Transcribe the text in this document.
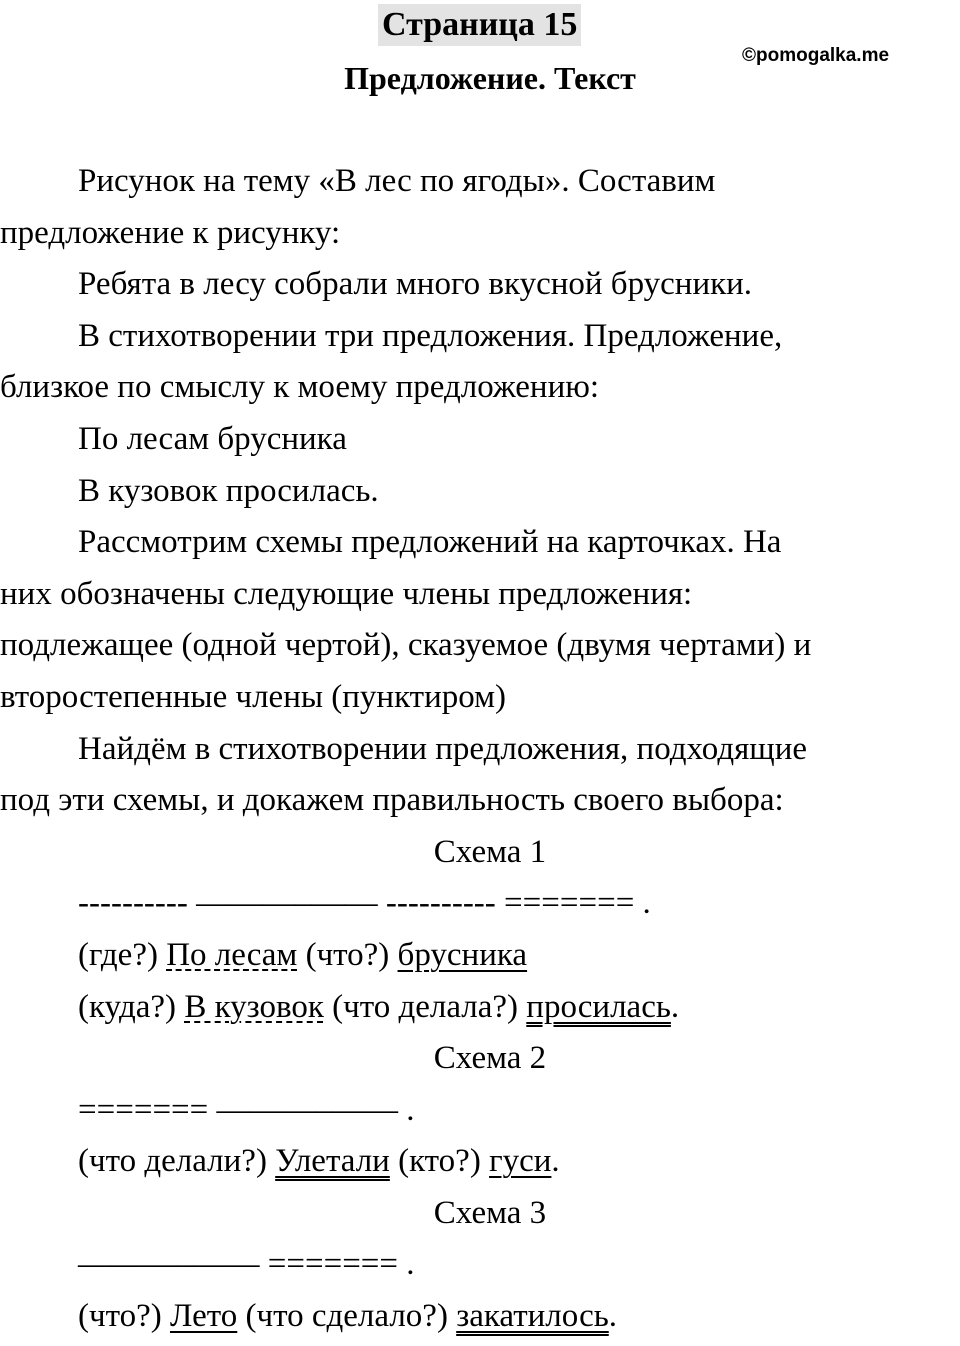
Страница 15
Предложение. Текст
©pomogalka.me

Рисунок на тему «В лес по ягоды». Составим

предложение к рисунку:

Ребята в лесу собрали много вкусной брусники.

В стихотворении три предложения. Предложение,

близкое по смыслу к моему предложению:

По лесам брусника

В кузовок просилась.

Рассмотрим схемы предложений на карточках. На

них обозначены следующие члены предложения:

подлежащее (одной чертой), сказуемое (двумя чертами) и

второстепенные члены (пунктиром)

Найдём в стихотворении предложения, подходящие

под эти схемы, и докажем правильность своего выбора:

Схема 1

---------- ———–—— ---------- ======= .

(где?) По лесам (что?) брусника

(куда?) В кузовок (что делала?) просилась.

Схема 2

======= ———–—— .

(что делали?) Улетали (кто?) гуси.

Схема 3

———–—— ======= .

(что?) Лето (что сделало?) закатилось.
